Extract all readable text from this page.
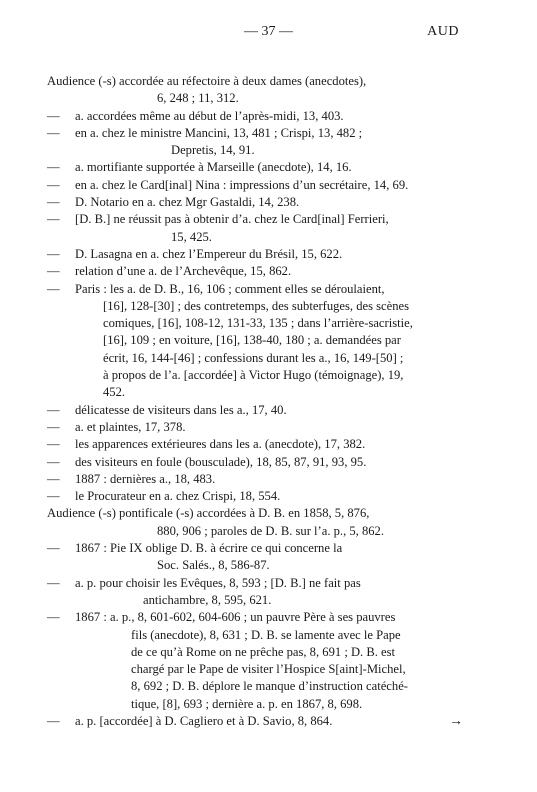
— 37 —	AUD
Audience (-s) accordée au réfectoire à deux dames (anecdotes),
6, 248 ; 11, 312.
— a. accordées même au début de l’après-midi, 13, 403.
— en a. chez le ministre Mancini, 13, 481 ; Crispi, 13, 482 ;
Depretis, 14, 91.
— a. mortifiante supportée à Marseille (anecdote), 14, 16.
— en a. chez le Card[inal] Nina : impressions d’un secrétaire, 14, 69.
— D. Notario en a. chez Mgr Gastaldi, 14, 238.
— [D. B.] ne réussit pas à obtenir d’a. chez le Card[inal] Ferrieri,
15, 425.
— D. Lasagna en a. chez l’Empereur du Brésil, 15, 622.
— relation d’une a. de l’Archevêque, 15, 862.
— Paris : les a. de D. B., 16, 106 ; comment elles se déroulaient,
[16], 128-[30] ; des contretemps, des subterfuges, des scènes
comiques, [16], 108-12, 131-33, 135 ; dans l’arrière-sacristie,
[16], 109 ; en voiture, [16], 138-40, 180 ; a. demandées par
écrit, 16, 144-[46] ; confessions durant les a., 16, 149-[50] ;
à propos de l’a. [accordée] à Victor Hugo (témoignage), 19,
452.
— délicatesse de visiteurs dans les a., 17, 40.
— a. et plaintes, 17, 378.
— les apparences extérieures dans les a. (anecdote), 17, 382.
— des visiteurs en foule (bousculade), 18, 85, 87, 91, 93, 95.
— 1887 : dernières a., 18, 483.
— le Procurateur en a. chez Crispi, 18, 554.
Audience (-s) pontificale (-s) accordées à D. B. en 1858, 5, 876,
880, 906 ; paroles de D. B. sur l’a. p., 5, 862.
— 1867 : Pie IX oblige D. B. à écrire ce qui concerne la
Soc. Salés., 8, 586-87.
— a. p. pour choisir les Evêques, 8, 593 ; [D. B.] ne fait pas
antichambre, 8, 595, 621.
— 1867 : a. p., 8, 601-602, 604-606 ; un pauvre Père à ses pauvres
fils (anecdote), 8, 631 ; D. B. se lamente avec le Pape
de ce qu’à Rome on ne prêche pas, 8, 691 ; D. B. est
chargé par le Pape de visiter l’Hospice S[aint]-Michel,
8, 692 ; D. B. déplore le manque d’instruction catéché-
tique, [8], 693 ; dernière a. p. en 1867, 8, 698.
— a. p. [accordée] à D. Cagliero et à D. Savio, 8, 864.	→
